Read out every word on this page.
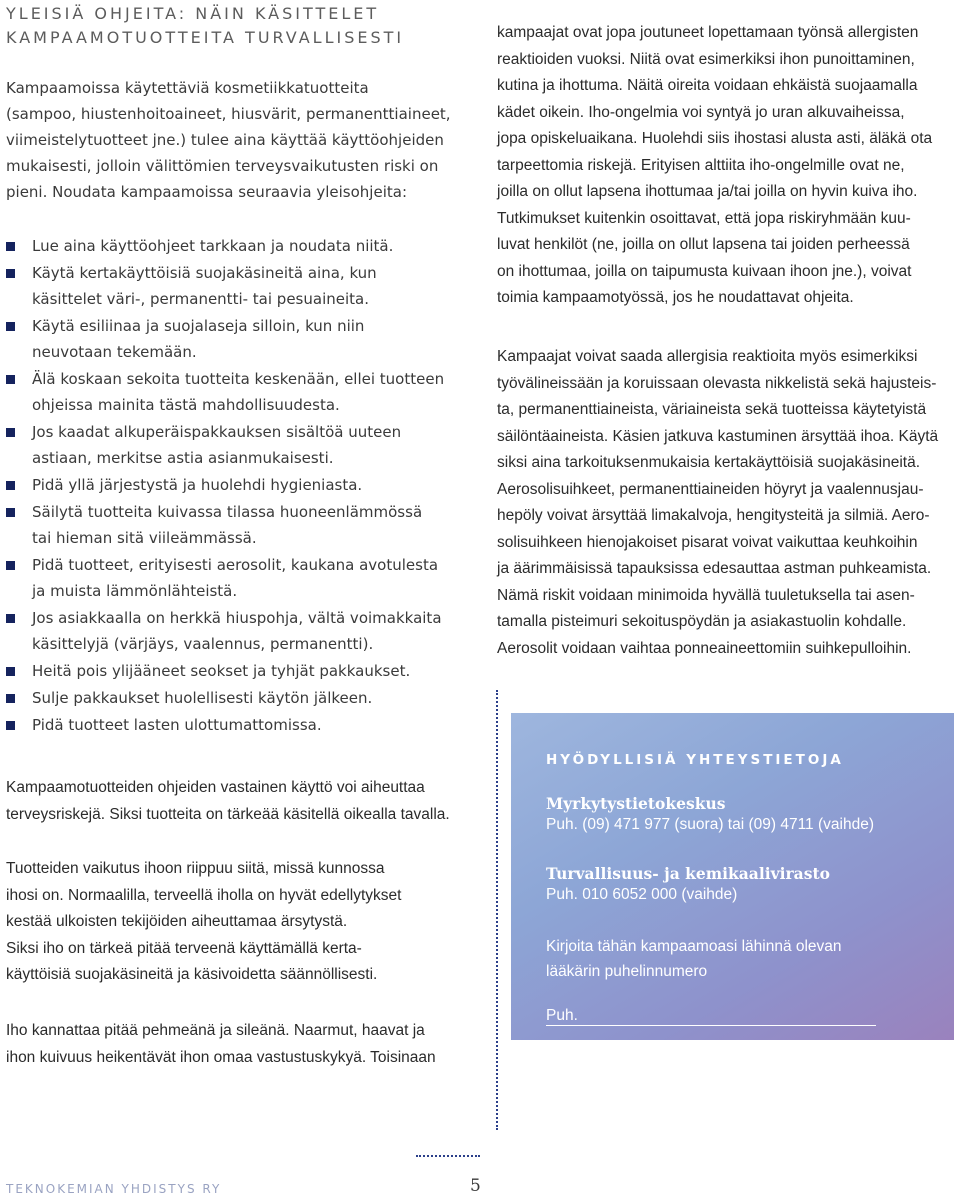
YLEISIÄ OHJEITA: NÄIN KÄSITTELET
KAMPAAMOTUOTTEITA TURVALLISESTI
Kampaamoissa käytettäviä kosmetiikkatuotteita
(sampoo, hiustenhoitoaineet, hiusvärit, permanenttiaineet,
viimeistelytuotteet jne.) tulee aina käyttää käyttöohjeiden
mukaisesti, jolloin välittömien terveysvaikutusten riski on
pieni. Noudata kampaamoissa seuraavia yleisohjeita:
Lue aina käyttöohjeet tarkkaan ja noudata niitä.
Käytä kertakäyttöisiä suojakäsineitä aina, kun
käsittelet väri-, permanentti- tai pesuaineita.
Käytä esiliinaa ja suojalaseja silloin, kun niin
neuvotaan tekemään.
Älä koskaan sekoita tuotteita keskenään, ellei tuotteen
ohjeissa mainita tästä mahdollisuudesta.
Jos kaadat alkuperäispakkauksen sisältöä uuteen
astiaan, merkitse astia asianmukaisesti.
Pidä yllä järjestystä ja huolehdi hygieniasta.
Säilytä tuotteita kuivassa tilassa huoneenlämmössä
tai hieman sitä viileämmässä.
Pidä tuotteet, erityisesti aerosolit, kaukana avotulesta
ja muista lämmönlähteistä.
Jos asiakkaalla on herkkä hiuspohja, vältä voimakkaita
käsittelyjä (värjäys, vaalennus, permanentti).
Heitä pois ylijääneet seokset ja tyhjät pakkaukset.
Sulje pakkaukset huolellisesti käytön jälkeen.
Pidä tuotteet lasten ulottumattomissa.

Kampaamotuotteiden ohjeiden vastainen käyttö voi aiheuttaa

terveysriskejä. Siksi tuotteita on tärkeää käsitellä oikealla tavalla.

Tuotteiden vaikutus ihoon riippuu siitä, missä kunnossa

ihosi on. Normaalilla, terveellä iholla on hyvät edellytykset

kestää ulkoisten tekijöiden aiheuttamaa ärsytystä.

Siksi iho on tärkeä pitää terveenä käyttämällä kerta-

käyttöisiä suojakäsineitä ja käsivoidetta säännöllisesti.

Iho kannattaa pitää pehmeänä ja sileänä. Naarmut, haavat ja

ihon kuivuus heikentävät ihon omaa vastustuskykyä. Toisinaan

kampaajat ovat jopa joutuneet lopettamaan työnsä allergisten

reaktioiden vuoksi. Niitä ovat esimerkiksi ihon punoittaminen,

kutina ja ihottuma. Näitä oireita voidaan ehkäistä suojaamalla

kädet oikein. Iho-ongelmia voi syntyä jo uran alkuvaiheissa,

jopa opiskeluaikana. Huolehdi siis ihostasi alusta asti, äläkä ota

tarpeettomia riskejä. Erityisen alttiita iho-ongelmille ovat ne,

joilla on ollut lapsena ihottumaa ja/tai joilla on hyvin kuiva iho.

Tutkimukset kuitenkin osoittavat, että jopa riskiryhmään kuu-

luvat henkilöt (ne, joilla on ollut lapsena tai joiden perheessä

on ihottumaa, joilla on taipumusta kuivaan ihoon jne.), voivat

toimia kampaamotyössä, jos he noudattavat ohjeita.

Kampaajat voivat saada allergisia reaktioita myös esimerkiksi

työvälineissään ja koruissaan olevasta nikkelistä sekä hajusteis-

ta, permanenttiaineista, väriaineista sekä tuotteissa käytetyistä

säilöntäaineista. Käsien jatkuva kastuminen ärsyttää ihoa. Käytä

siksi aina tarkoituksenmukaisia kertakäyttöisiä suojakäsineitä.

Aerosolisuihkeet, permanenttiaineiden höyryt ja vaalennusjau-

hepöly voivat ärsyttää limakalvoja, hengitysteitä ja silmiä. Aero-

solisuihkeen hienojakoiset pisarat voivat vaikuttaa keuhkoihin

ja äärimmäisissä tapauksissa edesauttaa astman puhkeamista.

Nämä riskit voidaan minimoida hyvällä tuuletuksella tai asen-

tamalla pisteimuri sekoituspöydän ja asiakastuolin kohdalle.

Aerosolit voidaan vaihtaa ponneaineettomiin suihkepulloihin.

HYÖDYLLISIÄ YHTEYSTIETOJA

Myrkytystietokeskus

Puh. (09) 471 977 (suora) tai (09) 4711 (vaihde)

Turvallisuus- ja kemikaalivirasto

Puh. 010 6052 000 (vaihde)

Kirjoita tähän kampaamoasi lähinnä olevan

lääkärin puhelinnumero

Puh.
TEKNOKEMIAN YHDISTYS RY	5
